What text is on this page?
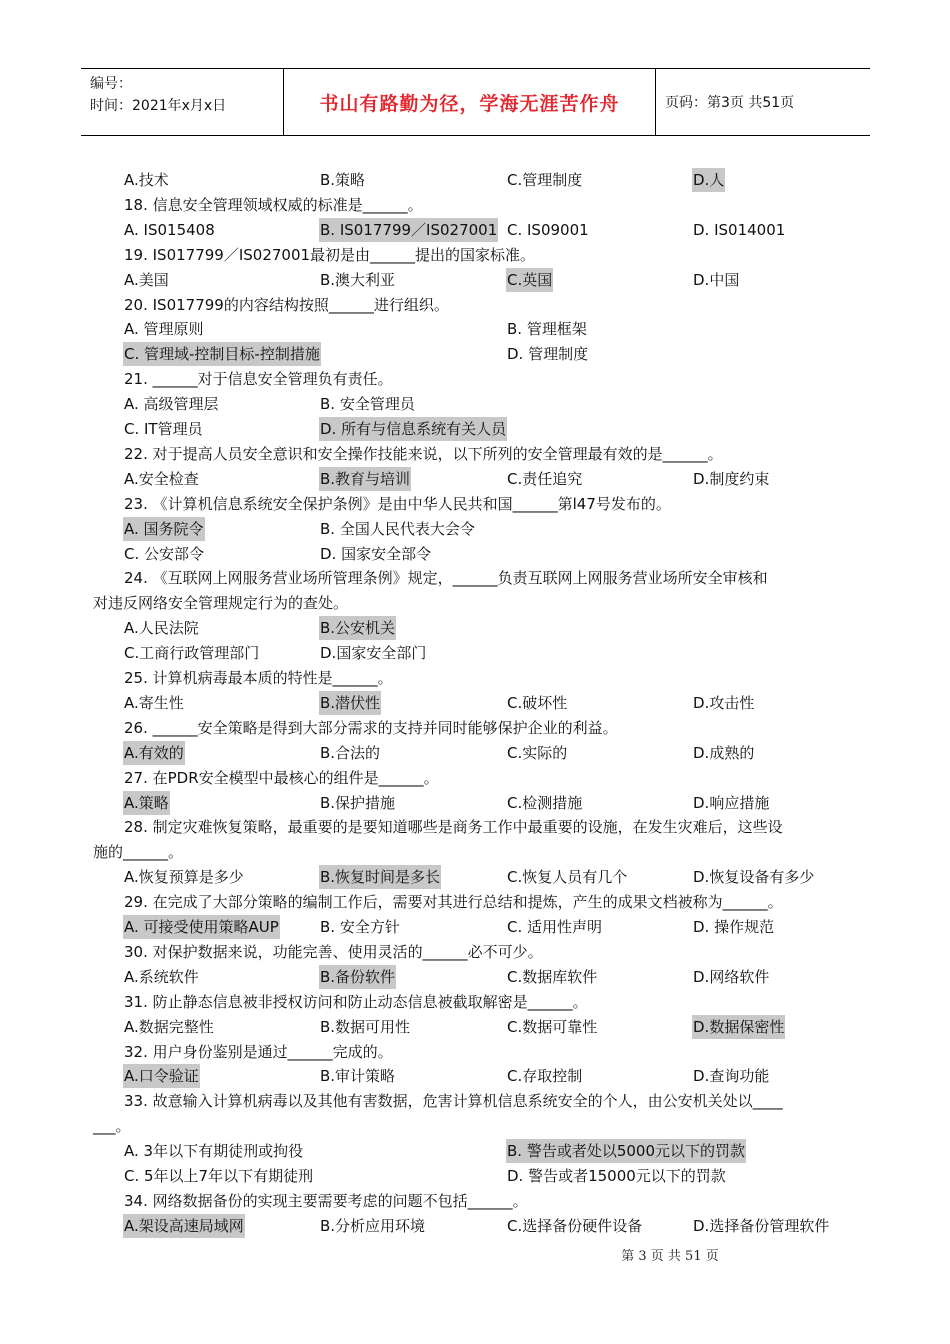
编号：
时间：2021年x月x日	书山有路勤为径，学海无涯苦作舟	页码：第3页 共51页
A.技术	B.策略	C.管理制度	D.人
18. 信息安全管理领域权威的标准是______。
A. IS015408	B. IS017799／IS027001 C. IS09001	D. IS014001
19. IS017799／IS027001最初是由______提出的国家标准。
A.美国	B.澳大利亚	C.英国	D.中国
20. IS017799的内容结构按照______进行组织。
A. 管理原则	B. 管理框架
C. 管理域-控制目标-控制措施	D. 管理制度
21. ______对于信息安全管理负有责任。
A. 高级管理层	B. 安全管理员
C. IT管理员	D. 所有与信息系统有关人员
22. 对于提高人员安全意识和安全操作技能来说，以下所列的安全管理最有效的是______。
A.安全检查	B.教育与培训	C.责任追究	D.制度约束
23. 《计算机信息系统安全保护条例》是由中华人民共和国______第l47号发布的。
A. 国务院令	B. 全国人民代表大会令
C. 公安部令	D. 国家安全部令
24. 《互联网上网服务营业场所管理条例》规定，______负责互联网上网服务营业场所安全审核和
对违反网络安全管理规定行为的查处。
A.人民法院	B.公安机关
C.工商行政管理部门	D.国家安全部门
25. 计算机病毒最本质的特性是______。
A.寄生性	B.潜伏性	C.破坏性	D.攻击性
26. ______安全策略是得到大部分需求的支持并同时能够保护企业的利益。
A.有效的	B.合法的	C.实际的	D.成熟的
27. 在PDR安全模型中最核心的组件是______。
A.策略	B.保护措施	C.检测措施	D.响应措施
28. 制定灾难恢复策略，最重要的是要知道哪些是商务工作中最重要的设施，在发生灾难后，这些设
施的______。
A.恢复预算是多少	B.恢复时间是多长	C.恢复人员有几个	D.恢复设备有多少
29. 在完成了大部分策略的编制工作后，需要对其进行总结和提炼，产生的成果文档被称为______。
A. 可接受使用策略AUP	B. 安全方针	C. 适用性声明	D. 操作规范
30. 对保护数据来说，功能完善、使用灵活的______必不可少。
A.系统软件	B.备份软件	C.数据库软件	D.网络软件
31. 防止静态信息被非授权访问和防止动态信息被截取解密是______。
A.数据完整性	B.数据可用性	C.数据可靠性	D.数据保密性
32. 用户身份鉴别是通过______完成的。
A.口令验证	B.审计策略	C.存取控制	D.查询功能
33. 故意输入计算机病毒以及其他有害数据，危害计算机信息系统安全的个人，由公安机关处以____
___。
A. 3年以下有期徒刑或拘役	B. 警告或者处以5000元以下的罚款
C. 5年以上7年以下有期徒刑	D. 警告或者15000元以下的罚款
34. 网络数据备份的实现主要需要考虑的问题不包括______。
A.架设高速局域网	B.分析应用环境	C.选择备份硬件设备	D.选择备份管理软件
第 3 页 共 51 页
